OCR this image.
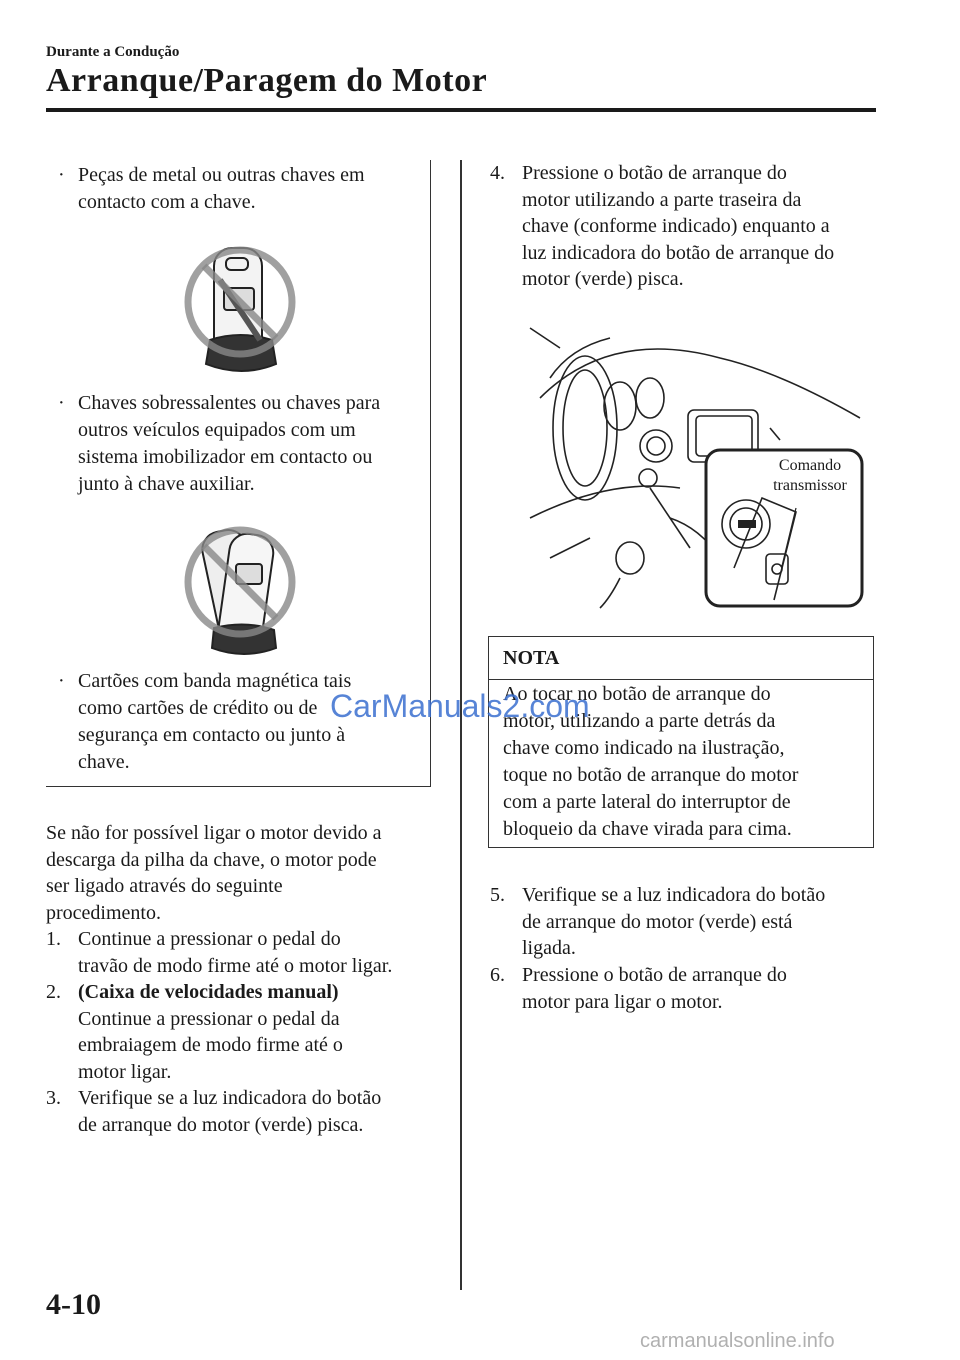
Durante a Condução
Arranque/Paragem do Motor
· Peças de metal ou outras chaves em
contacto com a chave.
· Chaves sobressalentes ou chaves para
outros veículos equipados com um
sistema imobilizador em contacto ou
junto à chave auxiliar.
· Cartões com banda magnética tais
como cartões de crédito ou de
segurança em contacto ou junto à
chave.
Se não for possível ligar o motor devido a
descarga da pilha da chave, o motor pode
ser ligado através do seguinte
procedimento.
1. Continue a pressionar o pedal do
travão de modo firme até o motor ligar.
2. (Caixa de velocidades manual)
Continue a pressionar o pedal da
embraiagem de modo firme até o
motor ligar.
3. Verifique se a luz indicadora do botão
de arranque do motor (verde) pisca.
4. Pressione o botão de arranque do
motor utilizando a parte traseira da
chave (conforme indicado) enquanto a
luz indicadora do botão de arranque do
motor (verde) pisca.
Comando
transmissor
NOTA
Ao tocar no botão de arranque do
motor, utilizando a parte detrás da
chave como indicado na ilustração,
toque no botão de arranque do motor
com a parte lateral do interruptor de
bloqueio da chave virada para cima.
5. Verifique se a luz indicadora do botão
de arranque do motor (verde) está
ligada.
6. Pressione o botão de arranque do
motor para ligar o motor.
CarManuals2.com
4-10
carmanualsonline.info
